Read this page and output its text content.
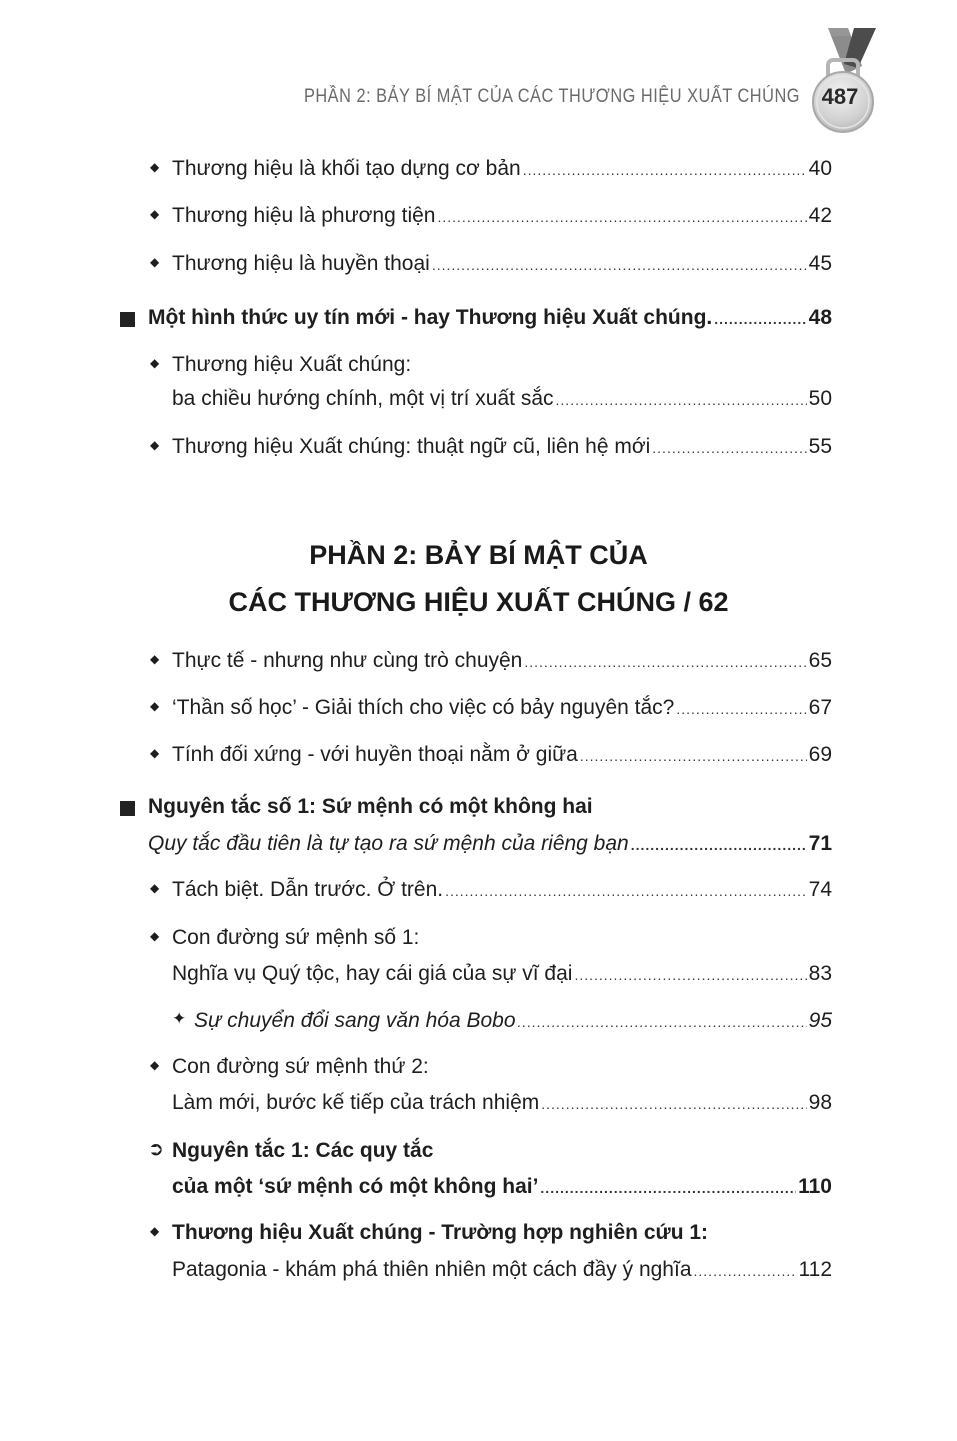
PHẦN 2: BẢY BÍ MẬT CỦA CÁC THƯƠNG HIỆU XUẤT CHÚNG 487
◆ Thương hiệu là khối tạo dựng cơ bản .....	40
◆ Thương hiệu là phương tiện .....	42
◆ Thương hiệu là huyền thoại .....	45
Một hình thức uy tín mới - hay Thương hiệu Xuất chúng. .....	48
◆ Thương hiệu Xuất chúng:
ba chiều hướng chính, một vị trí xuất sắc .....	50
◆ Thương hiệu Xuất chúng: thuật ngữ cũ, liên hệ mới .....	55
PHẦN 2: BẢY BÍ MẬT CỦA
CÁC THƯƠNG HIỆU XUẤT CHÚNG / 62
◆ Thực tế - nhưng như cùng trò chuyện .....	65
◆ ‘Thần số học’ - Giải thích cho việc có bảy nguyên tắc? .....	67
◆ Tính đối xứng - với huyền thoại nằm ở giữa .....	69
Nguyên tắc số 1: Sứ mệnh có một không hai
Quy tắc đầu tiên là tự tạo ra sứ mệnh của riêng bạn .....	71
◆ Tách biệt. Dẫn trước. Ở trên. .....	74
◆ Con đường sứ mệnh số 1:
Nghĩa vụ Quý tộc, hay cái giá của sự vĩ đại .....	83
✦ Sự chuyển đổi sang văn hóa Bobo .....	95
◆ Con đường sứ mệnh thứ 2:
Làm mới, bước kế tiếp của trách nhiệm .....	98
➲ Nguyên tắc 1: Các quy tắc
của một ‘sứ mệnh có một không hai’ .....	110
◆ Thương hiệu Xuất chúng - Trường hợp nghiên cứu 1:
Patagonia - khám phá thiên nhiên một cách đầy ý nghĩa .....	112
